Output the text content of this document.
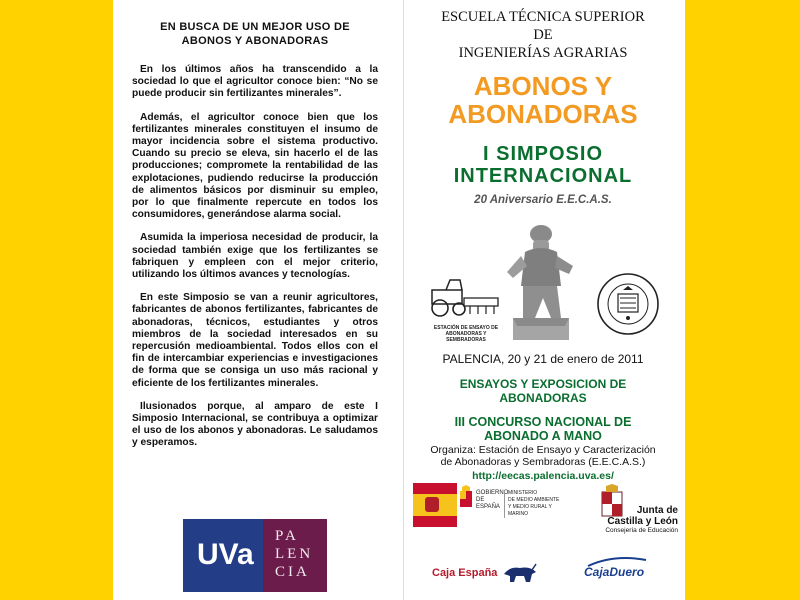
EN BUSCA DE UN MEJOR USO DE
ABONOS Y ABONADORAS

En los últimos años ha transcendido a la sociedad lo que el agricultor conoce bien: “No se puede producir sin fertilizantes minerales”.

Además, el agricultor conoce bien que los fertilizantes minerales constituyen el insumo de mayor incidencia sobre el sistema productivo. Cuando su precio se eleva, sin hacerlo el de las producciones; compromete la rentabilidad de las explotaciones, pudiendo reducirse la producción de alimentos básicos por disminuir su empleo, por lo que finalmente repercute en todos los consumidores, generándose alarma social.

Asumida la imperiosa necesidad de producir, la sociedad también exige que los fertilizantes se fabriquen y empleen con el mejor criterio, utilizando los últimos avances y tecnologías.

En este Simposio se van a reunir agricultores, fabricantes de abonos fertilizantes, fabricantes de abonadoras, técnicos, estudiantes y otros miembros de la sociedad interesados en su repercusión medioambiental. Todos ellos con el fin de intercambiar experiencias e investigaciones de forma que se consiga un uso más racional y eficiente de los fertilizantes minerales.

Ilusionados porque, al amparo de este I Simposio Internacional, se contribuya a optimizar el uso de los abonos y abonadoras. Le saludamos y esperamos.

UVa
PA
LEN
CIA
ESCUELA TÉCNICA SUPERIOR
DE
INGENIERÍAS AGRARIAS
ABONOS Y
ABONADORAS
I SIMPOSIO
INTERNACIONAL
20 Aniversario E.E.C.A.S.
ESTACIÓN DE ENSAYO DE
ABONADORAS Y SEMBRADORAS
PALENCIA, 20 y 21 de enero de 2011
ENSAYOS Y EXPOSICION DE
ABONADORAS
III CONCURSO NACIONAL DE
ABONADO A MANO
Organiza: Estación de Ensayo y Caracterización
de Abonadoras y Sembradoras (E.E.C.A.S.)
http://eecas.palencia.uva.es/
GOBIERNO
DE ESPAÑA
MINISTERIO
DE MEDIO AMBIENTE
Y MEDIO RURAL Y MARINO	Junta de
Castilla y León
Consejería de Educación
Caja España	CajaDuero
